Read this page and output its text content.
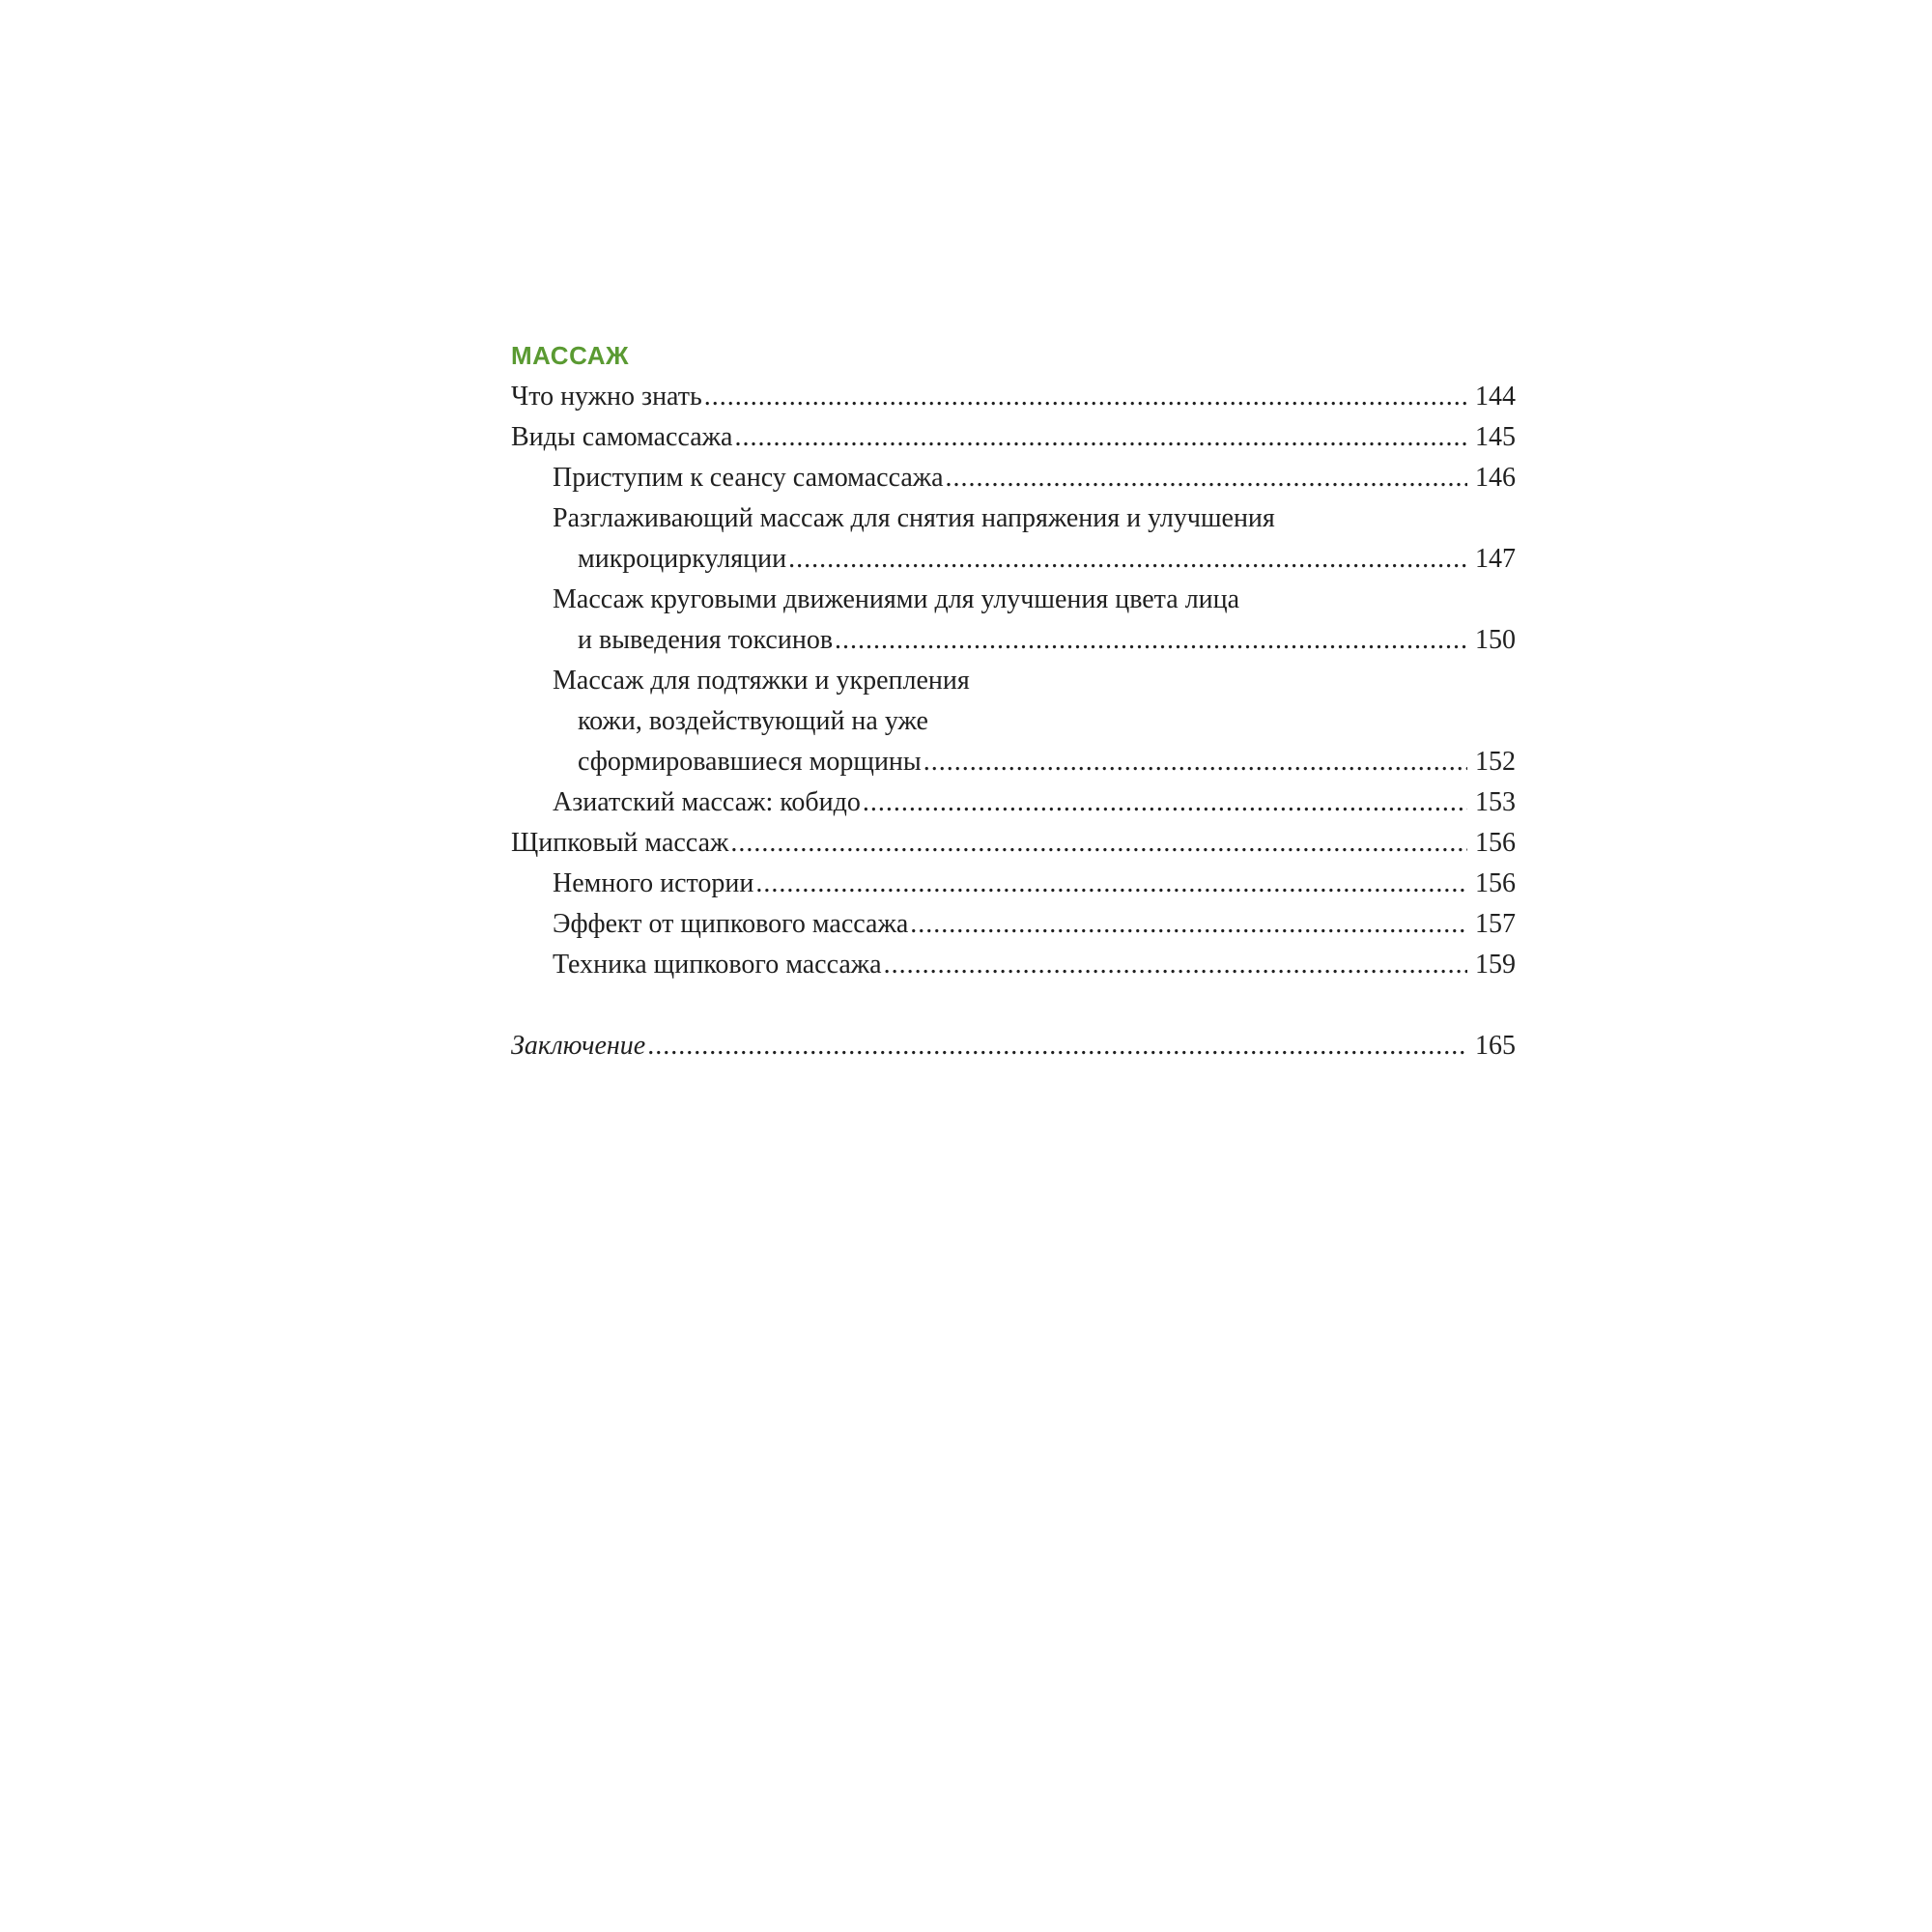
МАССАЖ
Что нужно знать .....	144
Виды самомассажа .....	145
Приступим к сеансу самомассажа .....	146
Разглаживающий массаж для снятия напряжения и улучшения
микроциркуляции .....	147
Массаж круговыми движениями для улучшения цвета лица
и выведения токсинов .....	150
Массаж для подтяжки и укрепления
кожи, воздействующий на уже
сформировавшиеся морщины .....	152
Азиатский массаж: кобидо .....	153
Щипковый массаж .....	156
Немного истории .....	156
Эффект от щипкового массажа .....	157
Техника щипкового массажа .....	159
Заключение .....	165
